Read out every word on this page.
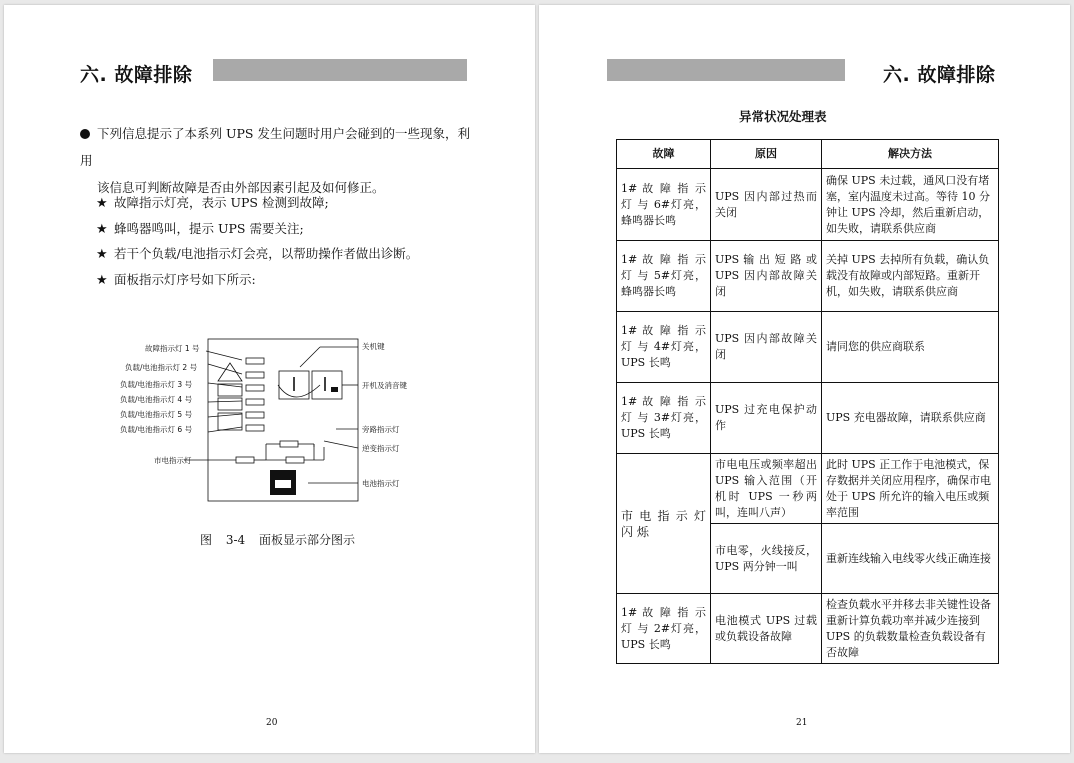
六. 故障排除
下列信息提示了本系列 UPS 发生问题时用户会碰到的一些现象，利用
该信息可判断故障是否由外部因素引起及如何修正。
★ 故障指示灯亮，表示 UPS 检测到故障;
★ 蜂鸣器鸣叫，提示 UPS 需要关注;
★ 若干个负载/电池指示灯会亮，以帮助操作者做出诊断。
★ 面板指示灯序号如下所示:
故障指示灯 1 号
负载/电池指示灯 2 号
负载/电池指示灯 3 号
负载/电池指示灯 4 号
负载/电池指示灯 5 号
负载/电池指示灯 6 号
市电指示灯
关机键
开机及消音键
旁路指示灯
逆变指示灯
电池指示灯
图 3-4 面板显示部分图示
20
六. 故障排除
异常状况处理表
故障	原因	解决方法
1# 故 障 指 示 灯 与 6#灯亮，蜂鸣器长鸣	UPS 因内部过热而关闭	确保 UPS 未过载，通风口没有堵塞，室内温度未过高。等待 10 分钟让 UPS 冷却，然后重新启动，如失败，请联系供应商
1# 故 障 指 示 灯 与 5#灯亮，蜂鸣器长鸣	UPS 输 出 短 路 或 UPS 因内部故障关闭	关掉 UPS 去掉所有负载，确认负载没有故障或内部短路。重新开机，如失败，请联系供应商
1# 故 障 指 示 灯 与 4#灯亮，UPS 长鸣	UPS 因内部故障关闭	请同您的供应商联系
1# 故 障 指 示 灯 与 3#灯亮，UPS 长鸣	UPS 过充电保护动作	UPS 充电器故障，请联系供应商
市 电 指 示 灯 闪 烁	市电电压或频率超出 UPS 输入范围（开机时 UPS 一秒两叫，连叫八声）	此时 UPS 正工作于电池模式，保存数据并关闭应用程序，确保市电处于 UPS 所允许的输入电压或频率范围
	市电零，火线接反，UPS 两分钟一叫	重新连线输入电线零火线正确连接
1# 故 障 指 示 灯 与 2#灯亮，UPS 长鸣	电池模式 UPS 过载或负载设备故障	检查负载水平并移去非关键性设备重新计算负载功率并减少连接到 UPS 的负载数量检查负载设备有否故障
21
